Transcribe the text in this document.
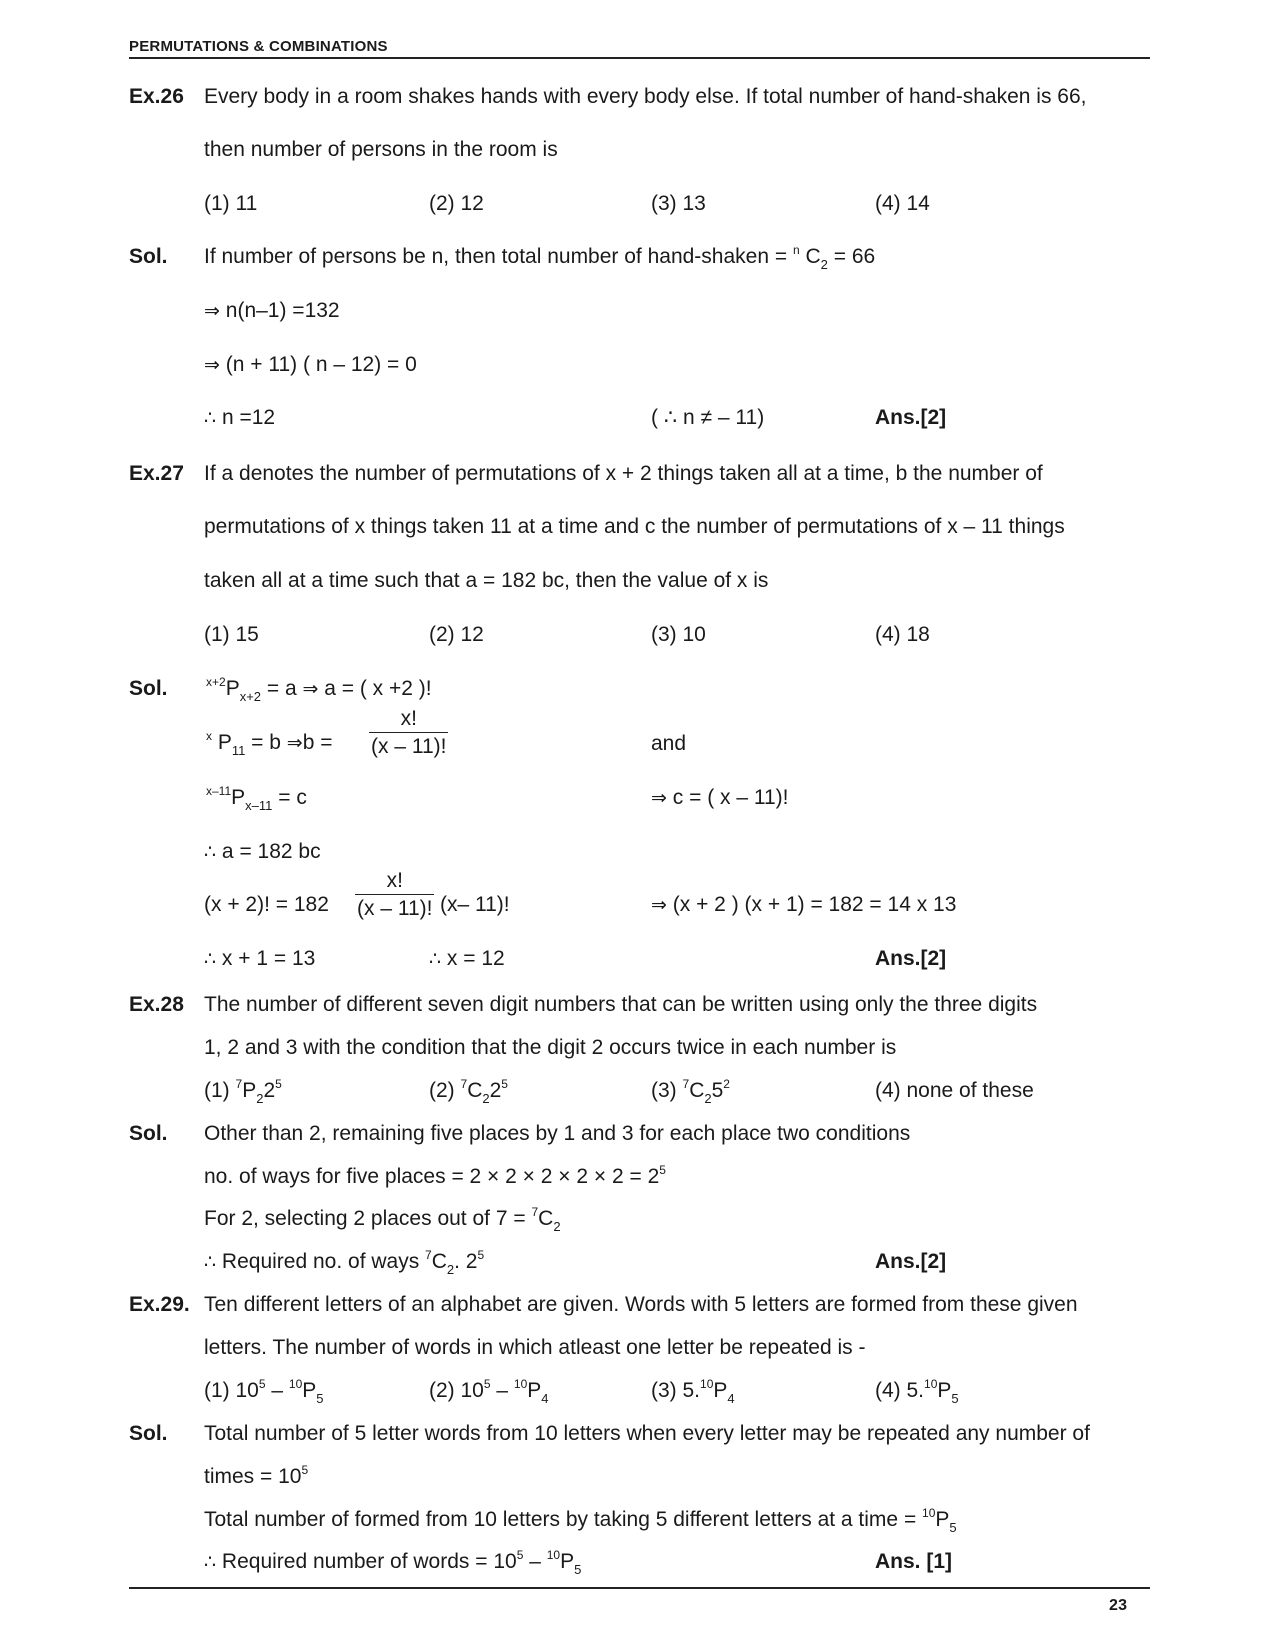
PERMUTATIONS & COMBINATIONS
Ex.26 Every body in a room shakes hands with every body else. If total number of hand-shaken is 66,
then number of persons in the room is
(1) 11	(2) 12	(3) 13	(4) 14
Sol. If number of persons be n, then total number of hand-shaken = $^n$ $C_2 = 66$
⇒ n(n–1) =132
⇒ (n + 11) ( n – 12) = 0
∴ n =12	( ∴ n ≠ – 11)	Ans.[2]
Ex.27 If a denotes the number of permutations of x + 2 things taken all at a time, b the number of
permutations of x things taken 11 at a time and c the number of permutations of x – 11 things
taken all at a time such that a = 182 bc, then the value of x is
(1) 15	(2) 12	(3) 10	(4) 18
Sol.	$^{x+2}P_{x+2} = a$ ⇒ a = ( x +2 )!
$^x$ $P_{11} = b$ ⇒b = $\frac{x!}{(x - 11)!}$	and
$^{x-11}P_{x-11} = c$	⇒ c = ( x – 11)!
∴ a = 182 bc
(x + 2)! = $182 \frac{x!}{(x - 11)!} (x-$ 11)!	⇒ (x + 2 ) (x + 1) = 182 = 14 x 13
∴ x + 1 = 13	∴ x = 12	Ans.[2]
Ex.28 The number of different seven digit numbers that can be written using only the three digits
1, 2 and 3 with the condition that the digit 2 occurs twice in each number is
(1) $^7P_22^5$	(2) $^7C_22^5$	(3) $^7C_25^2$	(4) none of these
Sol. Other than 2, remaining five places by 1 and 3 for each place two conditions
no. of ways for five places = $2 \times 2 \times 2 \times 2 \times 2 = 2^5$
For 2, selecting 2 places out of $7 = ^7C_2$
∴ Required no. of ways $^7C_2$. $2^5$	Ans.[2]
Ex.29. Ten different letters of an alphabet are given. Words with 5 letters are formed from these given
letters. The number of words in which atleast one letter be repeated is -
(1) $10^5 - ^{10}P_5$	(2) $10^5 - ^{10}P_4$	(3) $5.10P_4$	(4) $5.10P_5$
Sol. Total number of 5 letter words from 10 letters when every letter may be repeated any number of
times = $10^5$
Total number of formed from 10 letters by taking 5 different letters at a time = $^{10}P_5$
∴ Required number of words = $10^5 - ^{10}P_5$	Ans. [1]
23
